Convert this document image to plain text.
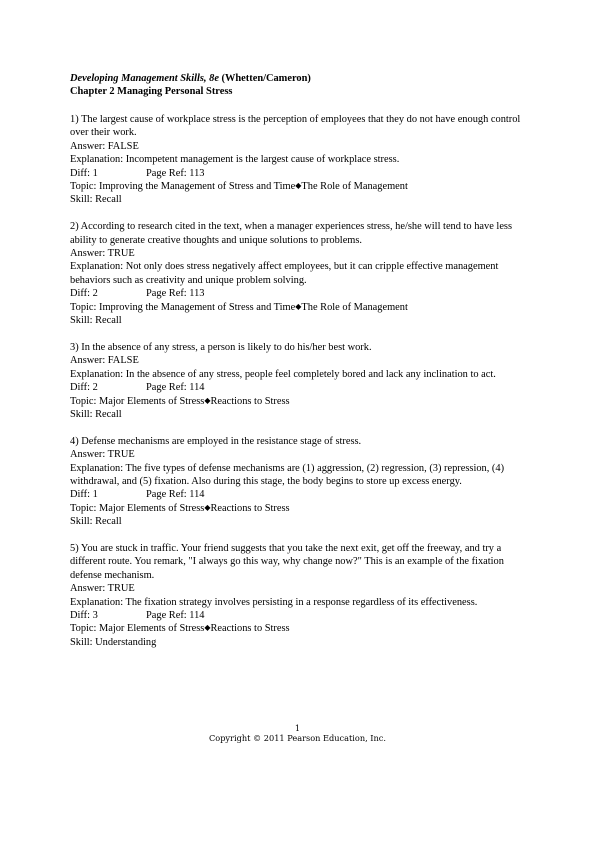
Developing Management Skills, 8e (Whetten/Cameron)
Chapter 2 Managing Personal Stress
1) The largest cause of workplace stress is the perception of employees that they do not have enough control over their work.
Answer: FALSE
Explanation: Incompetent management is the largest cause of workplace stress.
Diff: 1	Page Ref: 113
Topic: Improving the Management of Stress and Time◆The Role of Management
Skill: Recall
2) According to research cited in the text, when a manager experiences stress, he/she will tend to have less ability to generate creative thoughts and unique solutions to problems.
Answer: TRUE
Explanation: Not only does stress negatively affect employees, but it can cripple effective management behaviors such as creativity and unique problem solving.
Diff: 2	Page Ref: 113
Topic: Improving the Management of Stress and Time◆The Role of Management
Skill: Recall
3) In the absence of any stress, a person is likely to do his/her best work.
Answer: FALSE
Explanation: In the absence of any stress, people feel completely bored and lack any inclination to act.
Diff: 2	Page Ref: 114
Topic: Major Elements of Stress◆Reactions to Stress
Skill: Recall
4) Defense mechanisms are employed in the resistance stage of stress.
Answer: TRUE
Explanation: The five types of defense mechanisms are (1) aggression, (2) regression, (3) repression, (4) withdrawal, and (5) fixation. Also during this stage, the body begins to store up excess energy.
Diff: 1	Page Ref: 114
Topic: Major Elements of Stress◆Reactions to Stress
Skill: Recall
5) You are stuck in traffic. Your friend suggests that you take the next exit, get off the freeway, and try a different route. You remark, "I always go this way, why change now?" This is an example of the fixation defense mechanism.
Answer: TRUE
Explanation: The fixation strategy involves persisting in a response regardless of its effectiveness.
Diff: 3	Page Ref: 114
Topic: Major Elements of Stress◆Reactions to Stress
Skill: Understanding
1
Copyright © 2011 Pearson Education, Inc.
